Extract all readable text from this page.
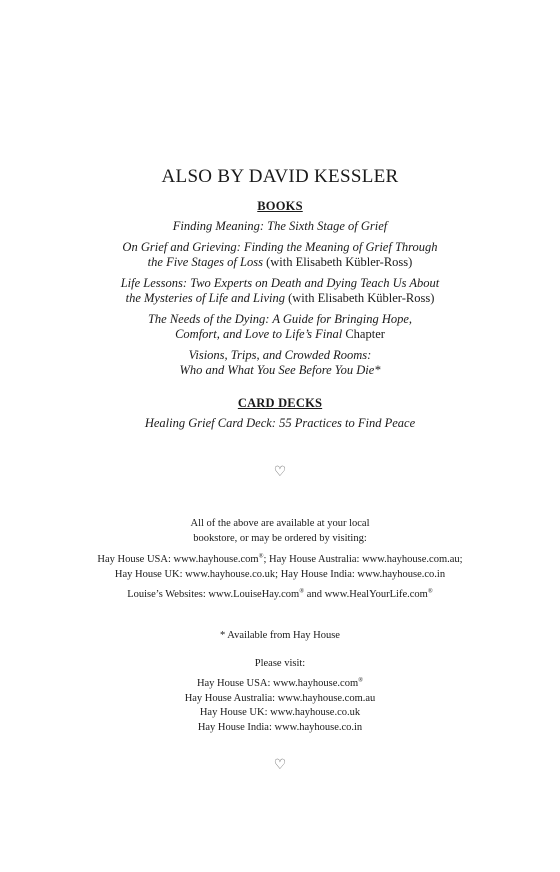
ALSO BY DAVID KESSLER
BOOKS
Finding Meaning: The Sixth Stage of Grief
On Grief and Grieving: Finding the Meaning of Grief Through
the Five Stages of Loss (with Elisabeth Kübler-Ross)
Life Lessons: Two Experts on Death and Dying Teach Us About
the Mysteries of Life and Living (with Elisabeth Kübler-Ross)
The Needs of the Dying: A Guide for Bringing Hope,
Comfort, and Love to Life’s Final Chapter
Visions, Trips, and Crowded Rooms:
Who and What You See Before You Die*
CARD DECKS
Healing Grief Card Deck: 55 Practices to Find Peace
♡
All of the above are available at your local
bookstore, or may be ordered by visiting:
Hay House USA: www.hayhouse.com®; Hay House Australia: www.hayhouse.com.au;
Hay House UK: www.hayhouse.co.uk; Hay House India: www.hayhouse.co.in
Louise’s Websites: www.LouiseHay.com® and www.HealYourLife.com®
* Available from Hay House
Please visit:
Hay House USA: www.hayhouse.com®
Hay House Australia: www.hayhouse.com.au
Hay House UK: www.hayhouse.co.uk
Hay House India: www.hayhouse.co.in
♡
